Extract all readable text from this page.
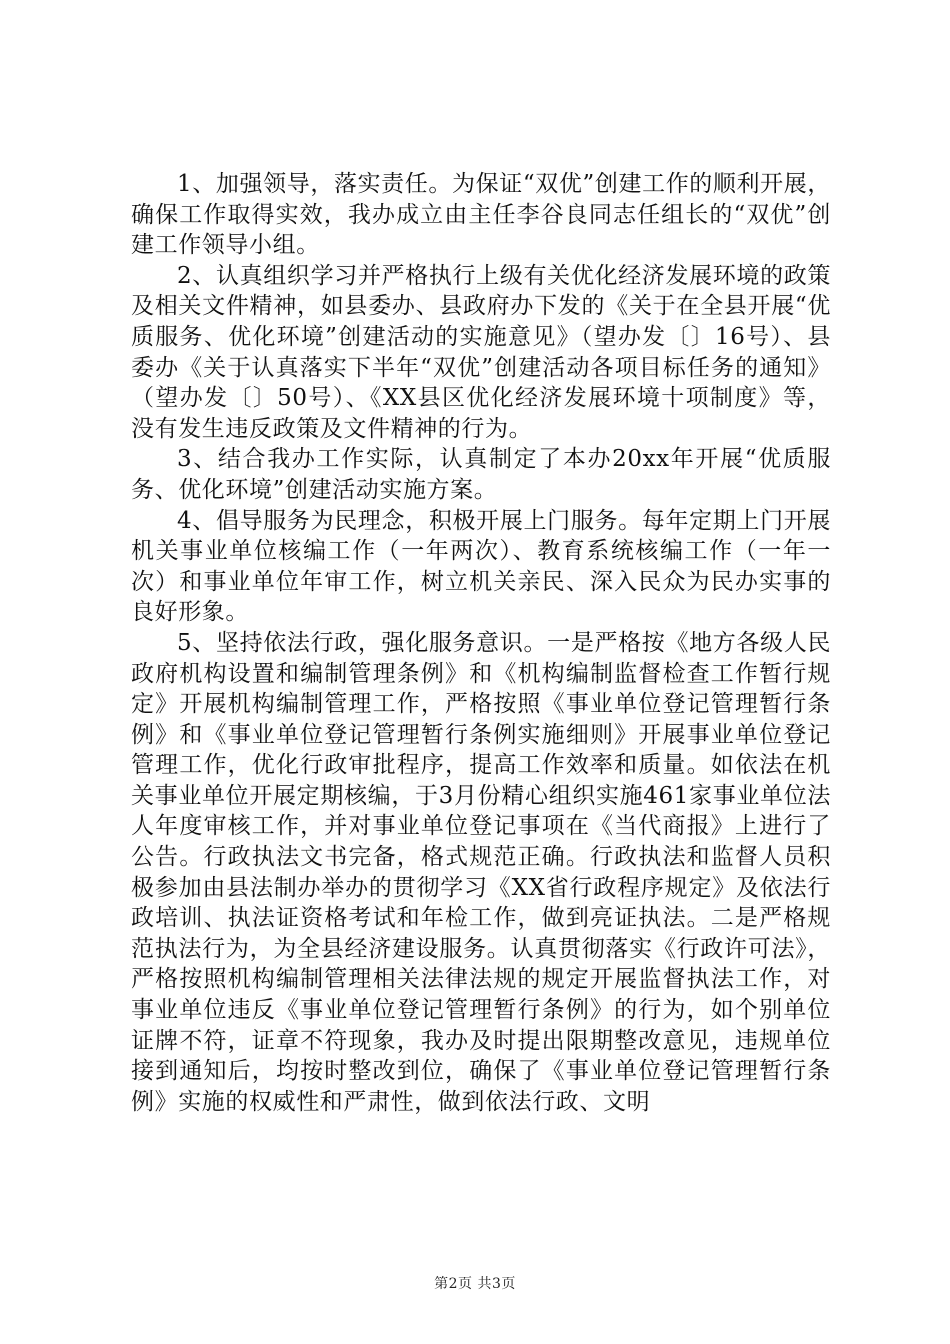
1、加强领导，落实责任。为保证“双优”创建工作的顺利开展，确保工作取得实效，我办成立由主任李谷良同志任组长的“双优”创建工作领导小组。

2、认真组织学习并严格执行上级有关优化经济发展环境的政策及相关文件精神，如县委办、县政府办下发的《关于在全县开展“优质服务、优化环境”创建活动的实施意见》（望办发〔〕16号）、县委办《关于认真落实下半年“双优”创建活动各项目标任务的通知》（望办发〔〕50号）、《XX县区优化经济发展环境十项制度》等，没有发生违反政策及文件精神的行为。

3、结合我办工作实际，认真制定了本办20xx年开展“优质服务、优化环境”创建活动实施方案。

4、倡导服务为民理念，积极开展上门服务。每年定期上门开展机关事业单位核编工作（一年两次）、教育系统核编工作（一年一次）和事业单位年审工作，树立机关亲民、深入民众为民办实事的良好形象。

5、坚持依法行政，强化服务意识。一是严格按《地方各级人民政府机构设置和编制管理条例》和《机构编制监督检查工作暂行规定》开展机构编制管理工作，严格按照《事业单位登记管理暂行条例》和《事业单位登记管理暂行条例实施细则》开展事业单位登记管理工作，优化行政审批程序，提高工作效率和质量。如依法在机关事业单位开展定期核编，于3月份精心组织实施461家事业单位法人年度审核工作，并对事业单位登记事项在《当代商报》上进行了公告。行政执法文书完备，格式规范正确。行政执法和监督人员积极参加由县法制办举办的贯彻学习《XX省行政程序规定》及依法行政培训、执法证资格考试和年检工作，做到亮证执法。二是严格规范执法行为，为全县经济建设服务。认真贯彻落实《行政许可法》，严格按照机构编制管理相关法律法规的规定开展监督执法工作，对事业单位违反《事业单位登记管理暂行条例》的行为，如个别单位证牌不符，证章不符现象，我办及时提出限期整改意见，违规单位接到通知后，均按时整改到位，确保了《事业单位登记管理暂行条例》实施的权威性和严肃性，做到依法行政、文明

第2页 共3页
